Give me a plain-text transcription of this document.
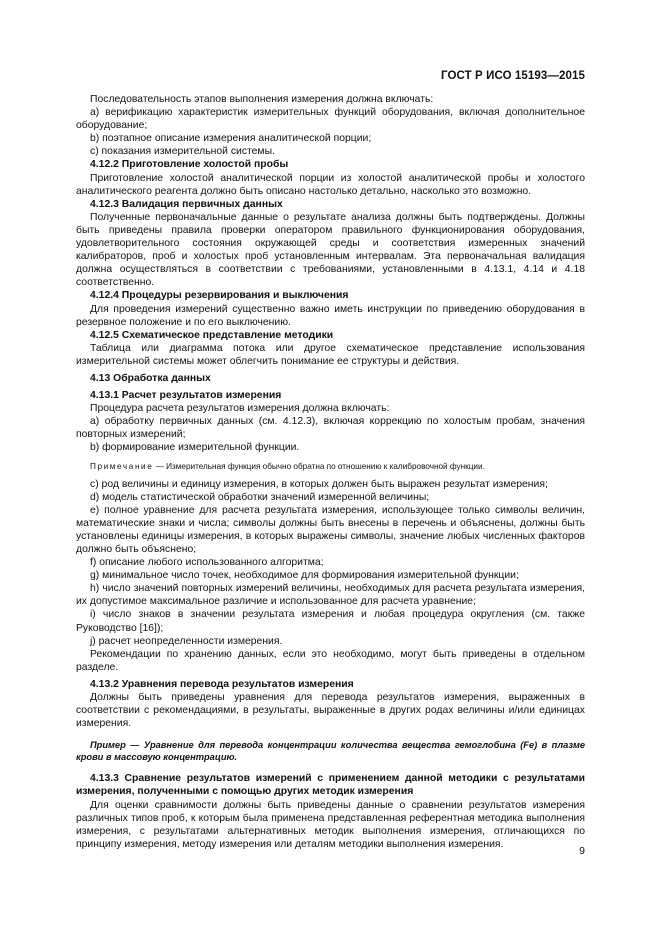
ГОСТ Р ИСО 15193—2015

Последовательность этапов выполнения измерения должна включать:

а) верификацию характеристик измерительных функций оборудования, включая дополнительное оборудование;

b) поэтапное описание измерения аналитической порции;

c) показания измерительной системы.

4.12.2 Приготовление холостой пробы

Приготовление холостой аналитической порции из холостой аналитической пробы и холостого аналитического реагента должно быть описано настолько детально, насколько это возможно.

4.12.3 Валидация первичных данных

Полученные первоначальные данные о результате анализа должны быть подтверждены. Должны быть приведены правила проверки оператором правильного функционирования оборудования, удовлетворительного состояния окружающей среды и соответствия измеренных значений калибраторов, проб и холостых проб установленным интервалам. Эта первоначальная валидация должна осуществляться в соответствии с требованиями, установленными в 4.13.1, 4.14 и 4.18 соответственно.

4.12.4 Процедуры резервирования и выключения

Для проведения измерений существенно важно иметь инструкции по приведению оборудования в резервное положение и по его выключению.

4.12.5 Схематическое представление методики

Таблица или диаграмма потока или другое схематическое представление использования измерительной системы может облегчить понимание ее структуры и действия.

4.13 Обработка данных

4.13.1 Расчет результатов измерения

Процедура расчета результатов измерения должна включать:

а) обработку первичных данных (см. 4.12.3), включая коррекцию по холостым пробам, значения повторных измерений;

b) формирование измерительной функции.

Примечание — Измерительная функция обычно обратна по отношению к калибровочной функции.

c) род величины и единицу измерения, в которых должен быть выражен результат измерения;

d) модель статистической обработки значений измеренной величины;

e) полное уравнение для расчета результата измерения, использующее только символы величин, математические знаки и числа; символы должны быть внесены в перечень и объяснены, должны быть установлены единицы измерения, в которых выражены символы, значение любых численных факторов должно быть объяснено;

f) описание любого использованного алгоритма;

g) минимальное число точек, необходимое для формирования измерительной функции;

h) число значений повторных измерений величины, необходимых для расчета результата измерения, их допустимое максимальное различие и использованное для расчета уравнение;

i) число знаков в значении результата измерения и любая процедура округления (см. также Руководство [16]);

j) расчет неопределенности измерения.

Рекомендации по хранению данных, если это необходимо, могут быть приведены в отдельном разделе.

4.13.2 Уравнения перевода результатов измерения

Должны быть приведены уравнения для перевода результатов измерения, выраженных в соответствии с рекомендациями, в результаты, выраженные в других родах величины и/или единицах измерения.

Пример — Уравнение для перевода концентрации количества вещества гемоглобина (Fe) в плазме крови в массовую концентрацию.

4.13.3 Сравнение результатов измерений с применением данной методики с результатами измерения, полученными с помощью других методик измерения

Для оценки сравнимости должны быть приведены данные о сравнении результатов измерения различных типов проб, к которым была применена представленная референтная методика выполнения измерения, с результатами альтернативных методик выполнения измерения, отличающихся по принципу измерения, методу измерения или деталям методики выполнения измерения.

9
